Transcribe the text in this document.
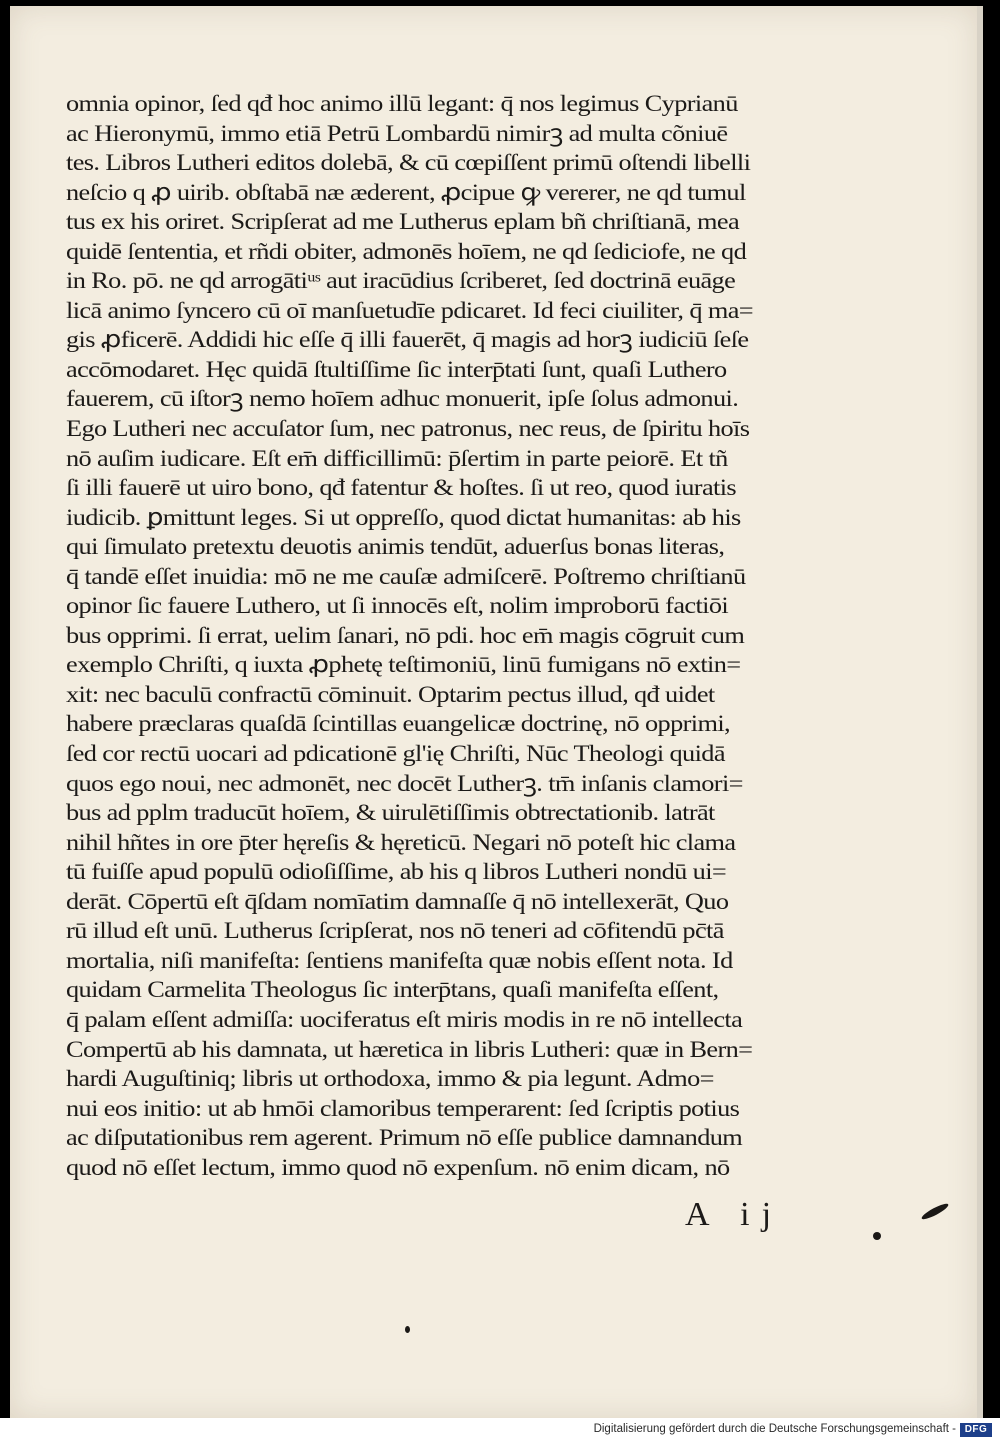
omnia opinor, ſed qđ hoc animo illū legant: q̄ nos legimus Cyprianū
ac Hieronymū, immo etiā Petrū Lombardū nimirꝫ ad multa cõniuē
tes. Libros Lutheri editos dolebā, & cū cœpiſſent primū oſtendi libelli
neſcio q ꝓ uirib. obſtabā næ æderent, ꝓcipue ꝙ vererer, ne qd tumul
tus ex his oriret. Scripſerat ad me Lutherus eplam bñ chriſtianā, mea
quidē ſententia, et rñdi obiter, admonēs hoīem, ne qd ſediciofe, ne qd
in Ro. pō. ne qd arrogātiᵘˢ aut iracūdius ſcriberet, ſed doctrinā euāge
licā animo ſyncero cū oī manſuetudīe pdicaret. Id feci ciuiliter, q̄ ma=
gis ꝓficerē. Addidi hic eſſe q̄ illi fauerēt, q̄ magis ad horꝫ iudiciū ſeſe
accōmodaret. Hęc quidā ſtultiſſime ſic interp̄tati ſunt, quaſi Luthero
fauerem, cū iſtorꝫ nemo hoīem adhuc monuerit, ipſe ſolus admonui.
Ego Lutheri nec accuſator ſum, nec patronus, nec reus, de ſpiritu hoīs
nō auſim iudicare. Eſt em̄ difficillimū: p̄ſertim in parte peiorē. Et tñ
ſi illi fauerē ut uiro bono, qđ fatentur & hoſtes. ſi ut reo, quod iuratis
iudicib. ꝑmittunt leges. Si ut oppreſſo, quod dictat humanitas: ab his
qui ſimulato pretextu deuotis animis tendūt, aduerſus bonas literas,
q̄ tandē eſſet inuidia: mō ne me cauſæ admiſcerē. Poſtremo chriſtianū
opinor ſic fauere Luthero, ut ſi innocēs eſt, nolim improborū factiōi
bus opprimi. ſi errat, uelim ſanari, nō pdi. hoc em̄ magis cōgruit cum
exemplo Chriſti, q iuxta ꝓphetę teſtimoniū, linū fumigans nō extin=
xit: nec baculū confractū cōminuit. Optarim pectus illud, qđ uidet
habere præclaras quaſdā ſcintillas euangelicæ doctrinę, nō opprimi,
ſed cor rectū uocari ad pdicationē gl'ię Chriſti, Nūc Theologi quidā
quos ego noui, nec admonēt, nec docēt Lutherꝫ. tm̄ inſanis clamori=
bus ad pplm traducūt hoīem, & uirulētiſſimis obtrectationib. latrāt
nihil hñtes in ore p̄ter hęreſis & hęreticū. Negari nō poteſt hic clama
tū fuiſſe apud populū odioſiſſime, ab his q libros Lutheri nondū ui=
derāt. Cōpertū eſt q̄ſdam nomīatim damnaſſe q̄ nō intellexerāt, Quo
rū illud eſt unū. Lutherus ſcripſerat, nos nō teneri ad cōfitendū pc̄tā
mortalia, niſi manifeſta: ſentiens manifeſta quæ nobis eſſent nota. Id
quidam Carmelita Theologus ſic interp̄tans, quaſi manifeſta eſſent,
q̄ palam eſſent admiſſa: uociferatus eſt miris modis in re nō intellecta
Compertū ab his damnata, ut hæretica in libris Lutheri: quæ in Bern=
hardi Auguſtiniq; libris ut orthodoxa, immo & pia legunt. Admo=
nui eos initio: ut ab hmōi clamoribus temperarent: ſed ſcriptis potius
ac diſputationibus rem agerent. Primum nō eſſe publice damnandum
quod nō eſſet lectum, immo quod nō expenſum. nō enim dicam, nō
A ij
Digitalisierung gefördert durch die Deutsche Forschungsgemeinschaft - DFG
